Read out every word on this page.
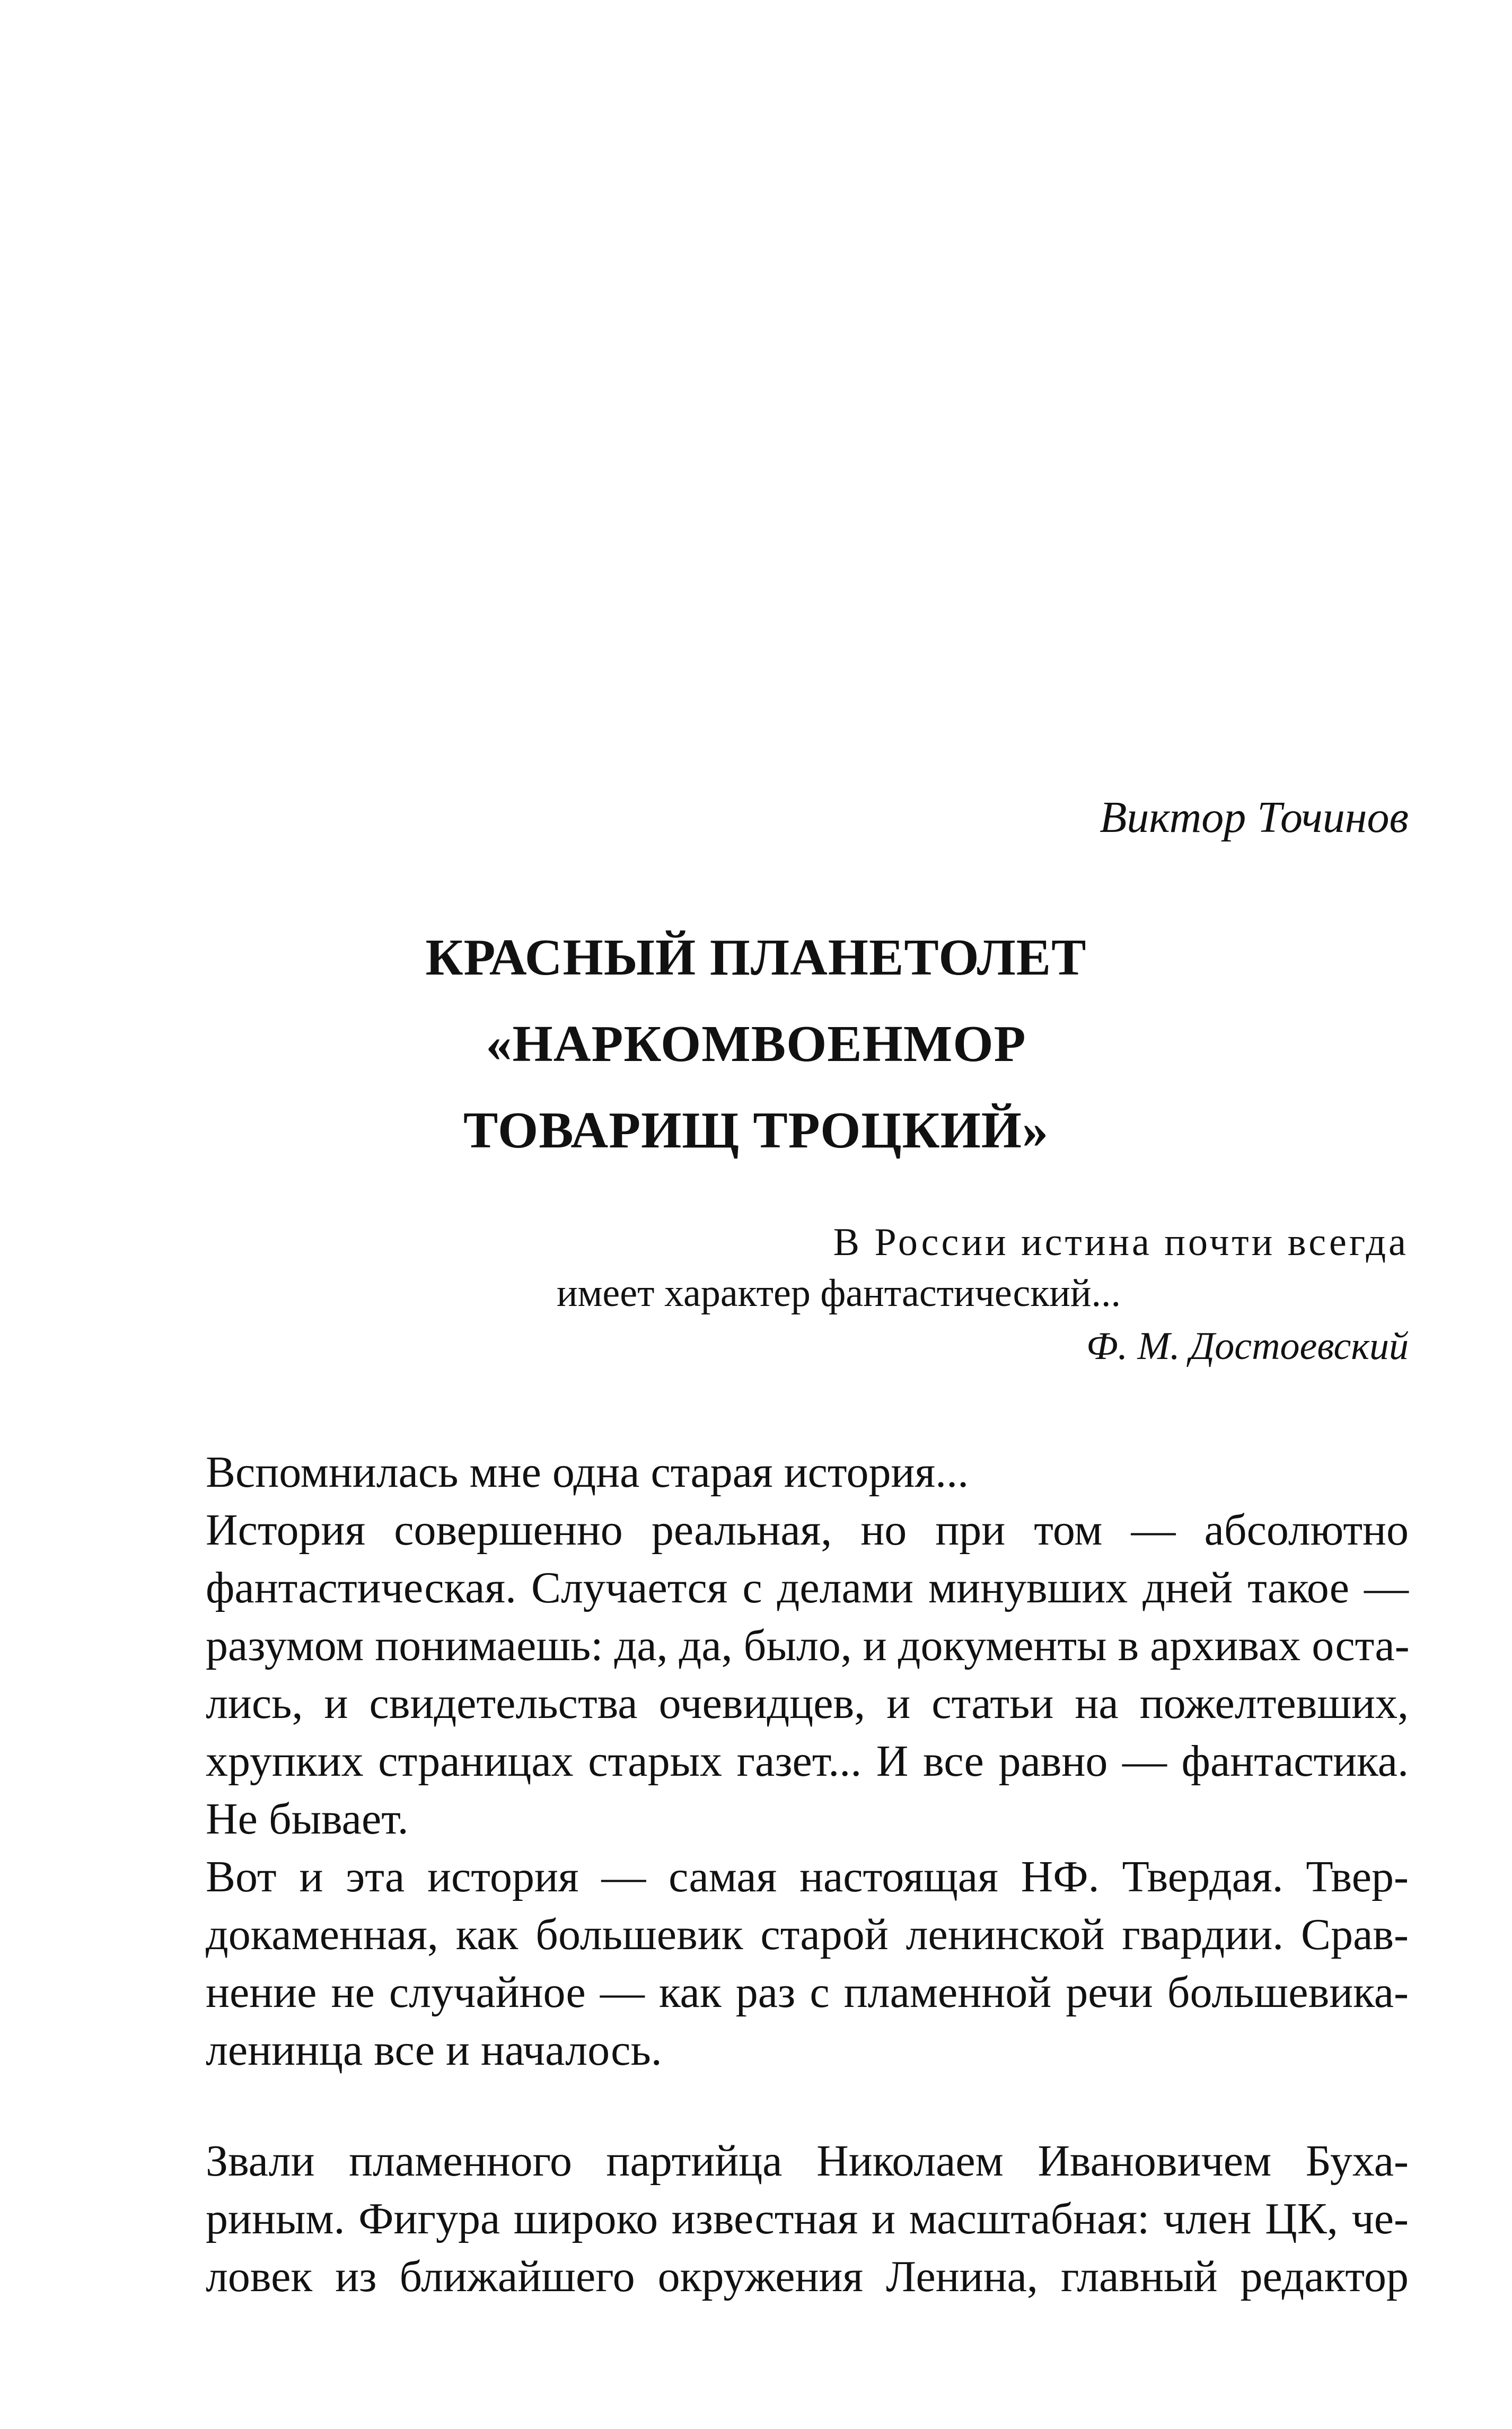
Виктор Точинов
КРАСНЫЙ ПЛАНЕТОЛЕТ
«НАРКОМВОЕНМОР
ТОВАРИЩ ТРОЦКИЙ»
В России истина почти всегда
имеет характер фантастический...
Ф. М. Достоевский
Вспомнилась мне одна старая история...
История совершенно реальная, но при том — абсолютно
фантастическая. Случается с делами минувших дней такое —
разумом понимаешь: да, да, было, и документы в архивах оста-
лись, и свидетельства очевидцев, и статьи на пожелтевших,
хрупких страницах старых газет... И все равно — фантастика.
Не бывает.
Вот и эта история — самая настоящая НФ. Твердая. Твер-
докаменная, как большевик старой ленинской гвардии. Срав-
нение не случайное — как раз с пламенной речи большевика-
ленинца все и началось.
Звали пламенного партийца Николаем Ивановичем Буха-
риным. Фигура широко известная и масштабная: член ЦК, че-
ловек из ближайшего окружения Ленина, главный редактор
